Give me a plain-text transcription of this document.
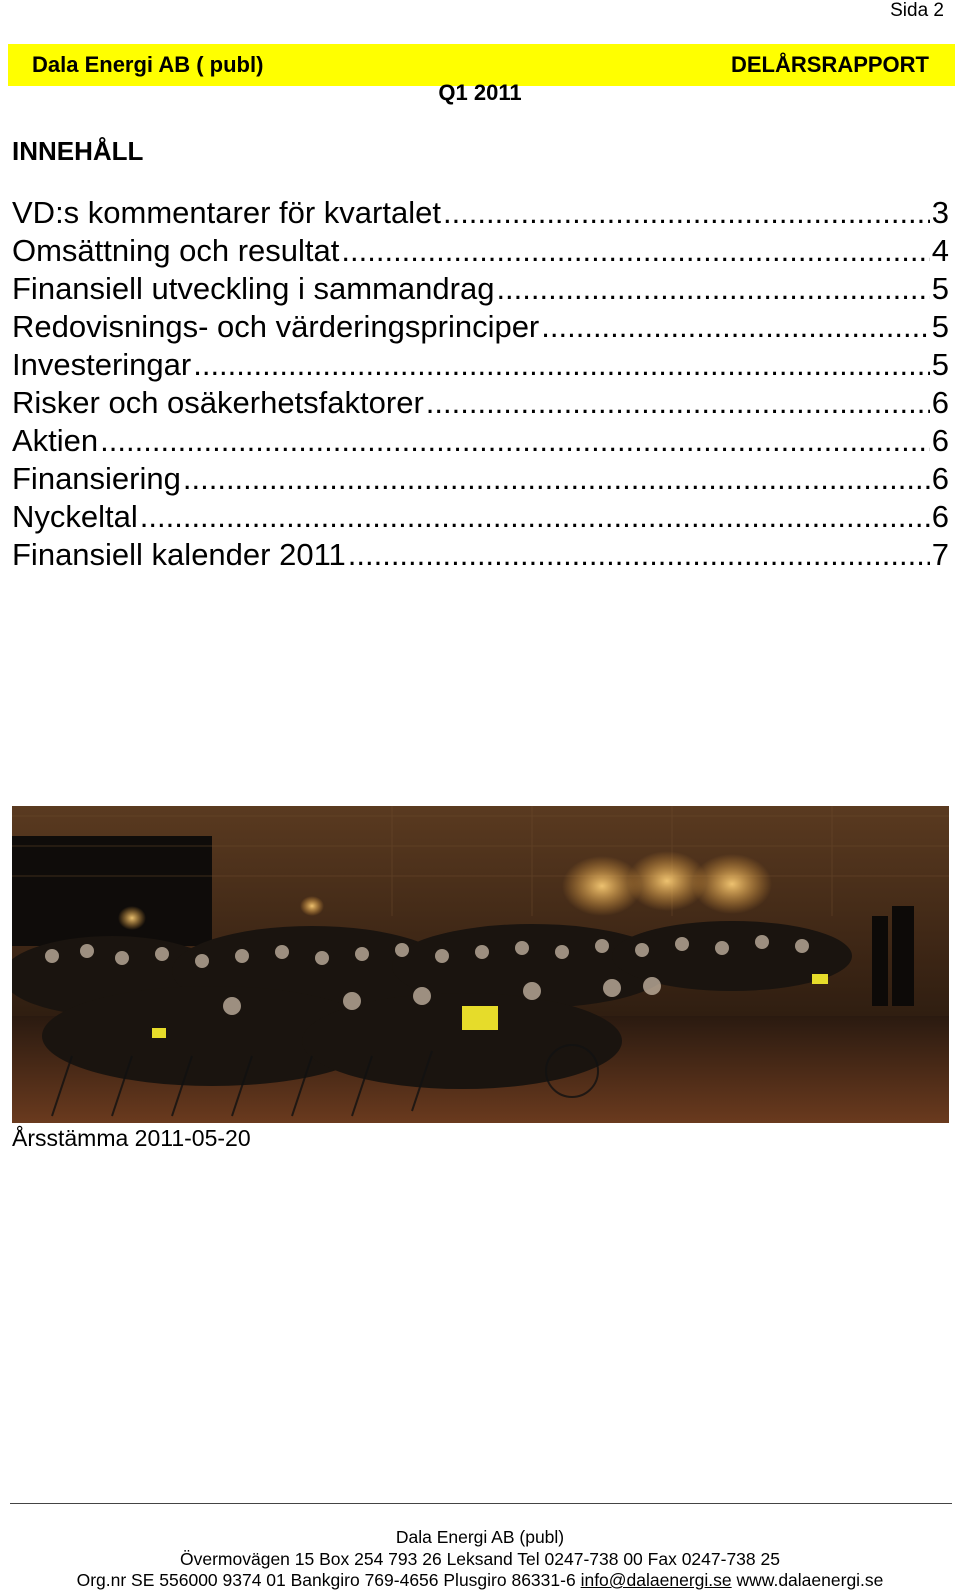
Sida 2
Dala Energi AB ( publ)	DELÅRSRAPPORT
Q1 2011
INNEHÅLL
VD:s kommentarer för kvartalet .....	3
Omsättning och resultat .....	4
Finansiell utveckling i sammandrag .....	5
Redovisnings- och värderingsprinciper .....	5
Investeringar .....	5
Risker och osäkerhetsfaktorer .....	6
Aktien .....	6
Finansiering .....	6
Nyckeltal .....	6
Finansiell kalender 2011 .....	7
Årsstämma 2011-05-20
Dala Energi AB (publ)
Övermovägen 15 Box 254 793 26 Leksand Tel 0247-738 00 Fax 0247-738 25
Org.nr SE 556000 9374 01 Bankgiro 769-4656 Plusgiro 86331-6 info@dalaenergi.se www.dalaenergi.se
